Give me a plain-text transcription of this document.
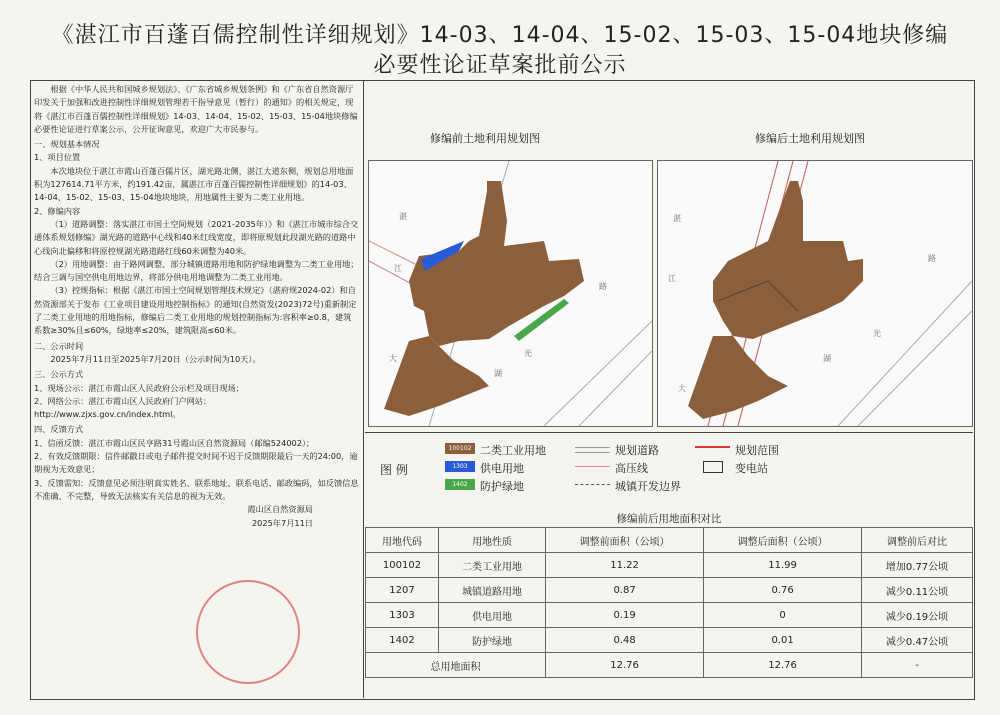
《湛江市百蓬百儒控制性详细规划》14-03、14-04、15-02、15-03、15-04地块修编
必要性论证草案批前公示

根据《中华人民共和国城乡规划法》、《广东省城乡规划条例》和《广东省自然资源厅印发关于加强和改进控制性详细规划管理若干指导意见（暂行）的通知》的相关规定，现将《湛江市百蓬百儒控制性详细规划》14-03、14-04、15-02、15-03、15-04地块修编必要性论证进行草案公示，公开征询意见，欢迎广大市民参与。

一、规划基本情况

1、项目位置

本次地块位于湛江市霞山百蓬百儒片区，湖光路北侧，湛江大道东侧，规划总用地面积为127614.71平方米，约191.42亩，属湛江市百蓬百儒控制性详细规划》的14-03、14-04、15-02、15-03、15-04地块地块，用地属性主要为二类工业用地。

2、修编内容

（1）道路调整：落实湛江市国土空间规划（2021-2035年）》和《湛江市城市综合交通体系规划修编》湖光路的道路中心线和40米红线宽度，即将原规划此段湖光路的道路中心线向北偏移和将原控规湖光路道路红线60米调整为40米。

（2）用地调整：由于路网调整、部分城镇道路用地和防护绿地调整为二类工业用地；结合三调与国空供电用地边界，将部分供电用地调整为二类工业用地。

（3）控规指标：根据《湛江市国土空间规划管理技术规定》（湛府规2024-02）和自然资源部关于发布《工业项目建设用地控制指标》的通知(自然资发(2023)72号)重新制定了二类工业用地的用地指标，修编后二类工业用地的规划控制指标为:容积率≥0.8，建筑系数≥30%且≤60%，绿地率≤20%，建筑限高≤60米。

二、公示时间

2025年7月11日至2025年7月20日（公示时间为10天）。

三、公示方式

1、现场公示：湛江市霞山区人民政府公示栏及项目现场；

2、网络公示：湛江市霞山区人民政府门户网站：

http://www.zjxs.gov.cn/index.html。

四、反馈方式

1、信函反馈：湛江市霞山区民亨路31号霞山区自然资源局（邮编524002）；

2、有效反馈期限：信件邮戳日或电子邮件提交时间不迟于反馈期限最后一天的24:00，逾期视为无效意见；

3、反馈需知：反馈意见必须注明真实姓名、联系地址、联系电话、邮政编码，如反馈信息不准确、不完整，导致无法核实有关信息的视为无效。

霞山区自然资源局

2025年7月11日

修编前土地利用规划图	修编后土地利用规划图
湛
江
湖
光
路
大
湛
江
湖
光
路
大
图 例
100102 二类工业用地
1303	供电用地
1402	防护绿地
规划道路
高压线
城镇开发边界
规划范围
变电站
修编前后用地面积对比
用地代码	用地性质	调整前面积（公顷）	调整后面积（公顷）	调整前后对比
100102	二类工业用地	11.22	11.99	增加0.77公顷
1207	城镇道路用地	0.87	0.76	减少0.11公顷
1303	供电用地	0.19	0	减少0.19公顷
1402	防护绿地	0.48	0.01	减少0.47公顷
总用地面积		12.76	12.76	-
